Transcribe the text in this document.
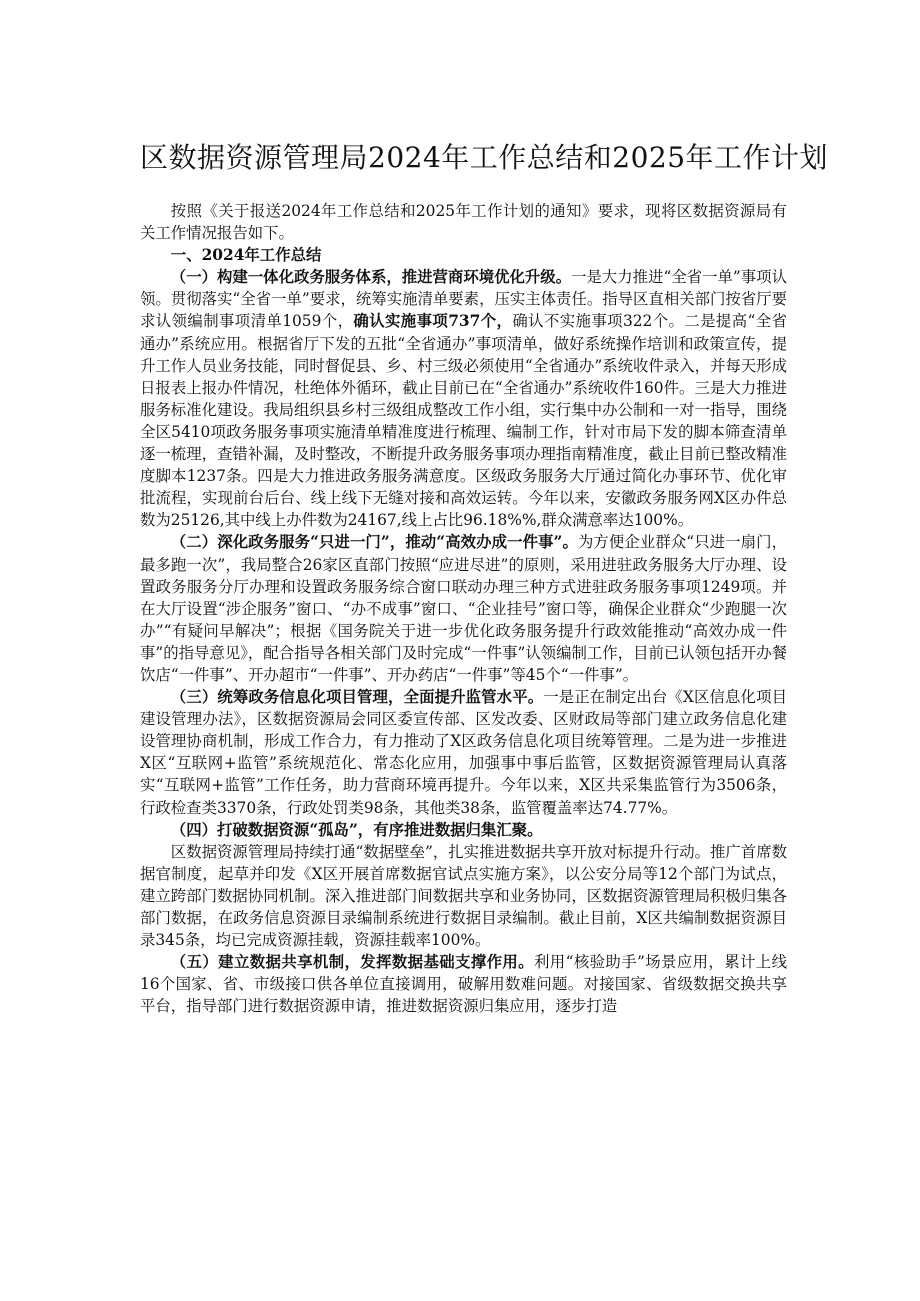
区数据资源管理局2024年工作总结和2025年工作计划

按照《关于报送2024年工作总结和2025年工作计划的通知》要求，现将区数据资源局有关工作情况报告如下。

一、2024年工作总结

（一）构建一体化政务服务体系，推进营商环境优化升级。一是大力推进“全省一单”事项认领。贯彻落实“全省一单”要求，统筹实施清单要素，压实主体责任。指导区直相关部门按省厅要求认领编制事项清单1059个，确认实施事项737个，确认不实施事项322个。二是提高“全省通办”系统应用。根据省厅下发的五批“全省通办”事项清单，做好系统操作培训和政策宣传，提升工作人员业务技能，同时督促县、乡、村三级必须使用“全省通办”系统收件录入，并每天形成日报表上报办件情况，杜绝体外循环，截止目前已在“全省通办”系统收件160件。三是大力推进服务标准化建设。我局组织县乡村三级组成整改工作小组，实行集中办公制和一对一指导，围绕全区5410项政务服务事项实施清单精准度进行梳理、编制工作，针对市局下发的脚本筛查清单逐一梳理，查错补漏，及时整改，不断提升政务服务事项办理指南精准度，截止目前已整改精准度脚本1237条。四是大力推进政务服务满意度。区级政务服务大厅通过简化办事环节、优化审批流程，实现前台后台、线上线下无缝对接和高效运转。今年以来，安徽政务服务网X区办件总数为25126,其中线上办件数为24167,线上占比96.18%%,群众满意率达100%。

（二）深化政务服务“只进一门”，推动“高效办成一件事”。为方便企业群众“只进一扇门，最多跑一次”，我局整合26家区直部门按照“应进尽进”的原则，采用进驻政务服务大厅办理、设置政务服务分厅办理和设置政务服务综合窗口联动办理三种方式进驻政务服务事项1249项。并在大厅设置“涉企服务”窗口、“办不成事”窗口、“企业挂号”窗口等，确保企业群众“少跑腿一次办”“有疑问早解决”；根据《国务院关于进一步优化政务服务提升行政效能推动“高效办成一件事”的指导意见》，配合指导各相关部门及时完成“一件事”认领编制工作，目前已认领包括开办餐饮店“一件事”、开办超市“一件事”、开办药店“一件事”等45个“一件事”。

（三）统筹政务信息化项目管理，全面提升监管水平。一是正在制定出台《X区信息化项目建设管理办法》，区数据资源局会同区委宣传部、区发改委、区财政局等部门建立政务信息化建设管理协商机制，形成工作合力，有力推动了X区政务信息化项目统筹管理。二是为进一步推进X区“互联网+监管”系统规范化、常态化应用，加强事中事后监管，区数据资源管理局认真落实“互联网+监管”工作任务，助力营商环境再提升。今年以来，X区共采集监管行为3506条，行政检查类3370条，行政处罚类98条，其他类38条，监管覆盖率达74.77%。

（四）打破数据资源“孤岛”，有序推进数据归集汇聚。

区数据资源管理局持续打通“数据壁垒”，扎实推进数据共享开放对标提升行动。推广首席数据官制度，起草并印发《X区开展首席数据官试点实施方案》，以公安分局等12个部门为试点，建立跨部门数据协同机制。深入推进部门间数据共享和业务协同，区数据资源管理局积极归集各部门数据，在政务信息资源目录编制系统进行数据目录编制。截止目前，X区共编制数据资源目录345条，均已完成资源挂载，资源挂载率100%。

（五）建立数据共享机制，发挥数据基础支撑作用。利用“核验助手”场景应用，累计上线16个国家、省、市级接口供各单位直接调用，破解用数难问题。对接国家、省级数据交换共享平台，指导部门进行数据资源申请，推进数据资源归集应用，逐步打造
